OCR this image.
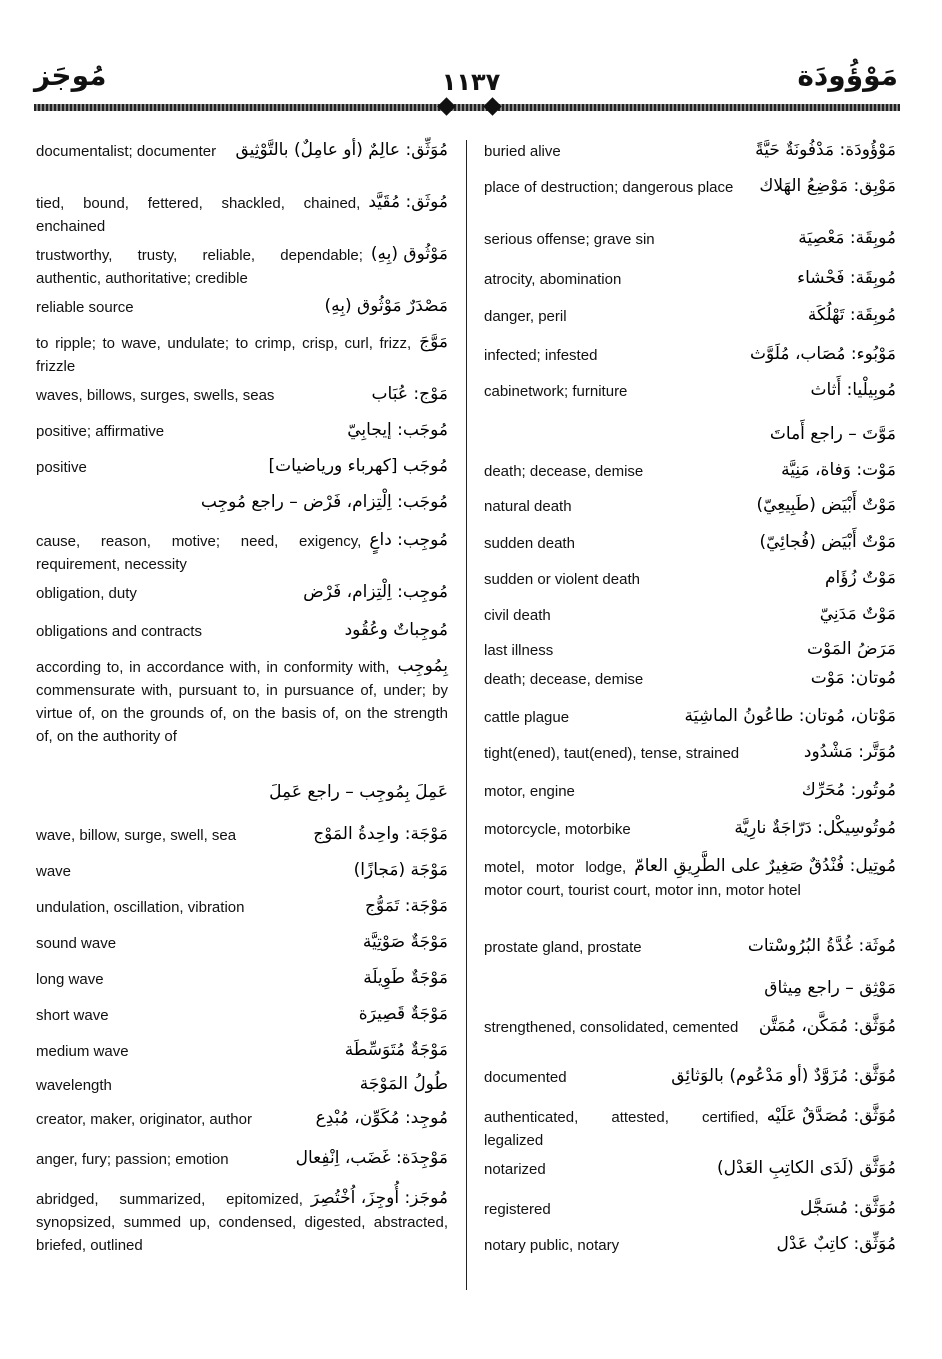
مُوجَز	١١٣٧	مَوْؤُودَة
مُوَثِّق: عالِمٌ (أو عامِلٌ) بالتَّوْثِيق
documentalist; documenter
مُوثَق: مُقَيَّد
tied, bound, fettered, shackled, chained, enchained
مَوْثُوق (بِهِ)
trustworthy, trusty, reliable, dependable; authentic, authoritative; credible
مَصْدَرٌ مَوْثُوق (بِهِ)
reliable source
مَوَّجَ
to ripple; to wave, undulate; to crimp, crisp, curl, frizz, frizzle
مَوْج: عُبَاب
waves, billows, surges, swells, seas
مُوجَب: إيجابِيّ
positive; affirmative
مُوجَب [كهرباء ورياضيات]
positive
مُوجَب: اِلْتِزام، فَرْض – راجع مُوجِب
مُوجِب: داعٍ
cause, reason, motive; need, exigency, requirement, necessity
مُوجِب: اِلْتِزام، فَرْض
obligation, duty
مُوجِباتٌ وعُقُود
obligations and contracts
بِمُوجِب
according to, in accordance with, in conformity with, commensurate with, pursuant to, in pursuance of, under; by virtue of, on the grounds of, on the basis of, on the strength of, on the authority of
عَمِلَ بِمُوجِب – راجع عَمِلَ
مَوْجَة: واحِدةُ المَوْج
wave, billow, surge, swell, sea
مَوْجَة (مَجازًا)
wave
مَوْجَة: تَمَوُّج
undulation, oscillation, vibration
مَوْجَةٌ صَوْتِيَّة
sound wave
مَوْجَةٌ طَوِيلَة
long wave
مَوْجَةٌ قَصِيرَة
short wave
مَوْجَةٌ مُتَوَسِّطَة
medium wave
طُولُ المَوْجَة
wavelength
مُوجِد: مُكَوِّن، مُبْدِع
creator, maker, originator, author
مَوْجِدَة: غَضَب، اِنْفِعال
anger, fury; passion; emotion
مُوجَز: أُوجِزَ، اُخْتُصِرَ
abridged, summarized, epitomized, synopsized, summed up, condensed, digested, abstracted, briefed, outlined
مَوْؤُودَة: مَدْفُونَةٌ حَيَّةً
buried alive
مَوْبِق: مَوْضِعُ الهَلاك
place of destruction; dangerous place
مُوبِقَة: مَعْصِيَة
serious offense; grave sin
مُوبِقَة: فَحْشاء
atrocity, abomination
مُوبِقَة: تَهْلُكَة
danger, peril
مَوْبُوء: مُصَاب، مُلَوَّث
infected; infested
مُوبِيلْيا: أَثاث
cabinetwork; furniture
مَوَّتَ – راجع أَماتَ
مَوْت: وَفاة، مَنِيَّة
death; decease, demise
مَوْتٌ أَبْيَض (طَبِيعِيّ)
natural death
مَوْتٌ أَبْيَض (فُجائِيّ)
sudden death
مَوْتٌ زُؤَام
sudden or violent death
مَوْتٌ مَدَنِيّ
civil death
مَرَضُ المَوْت
last illness
مُوتان: مَوْت
death; decease, demise
مَوْتان، مُوتان: طاعُونُ الماشِيَة
cattle plague
مُوَتَّر: مَشْدُود
tight(ened), taut(ened), tense, strained
مُوتُور: مُحَرِّك
motor, engine
مُوتُوسِيكْل: دَرّاجَةٌ نارِيَّة
motorcycle, motorbike
مُوتِيل: فُنْدُقٌ صَغِيرٌ على الطَّرِيقِ العامّ
motel, motor lodge, motor court, tourist court, motor inn, motor hotel
مُوثَة: غُدَّةُ البُرُوسْتات
prostate gland, prostate
مَوْثِق – راجع مِيثاق
مُوَثَّق: مُمَكَّن، مُمَتَّن
strengthened, consolidated, cemented
مُوَثَّق: مُزَوَّدٌ (أو مَدْعُوم) بالوَثائِق
documented
مُوَثَّق: مُصَدَّقٌ عَلَيْه
authenticated, attested, certified, legalized
مُوَثَّق (لَدَى الكاتِبِ العَدْل)
notarized
مُوَثَّق: مُسَجَّل
registered
مُوَثِّق: كاتِبٌ عَدْل
notary public, notary
